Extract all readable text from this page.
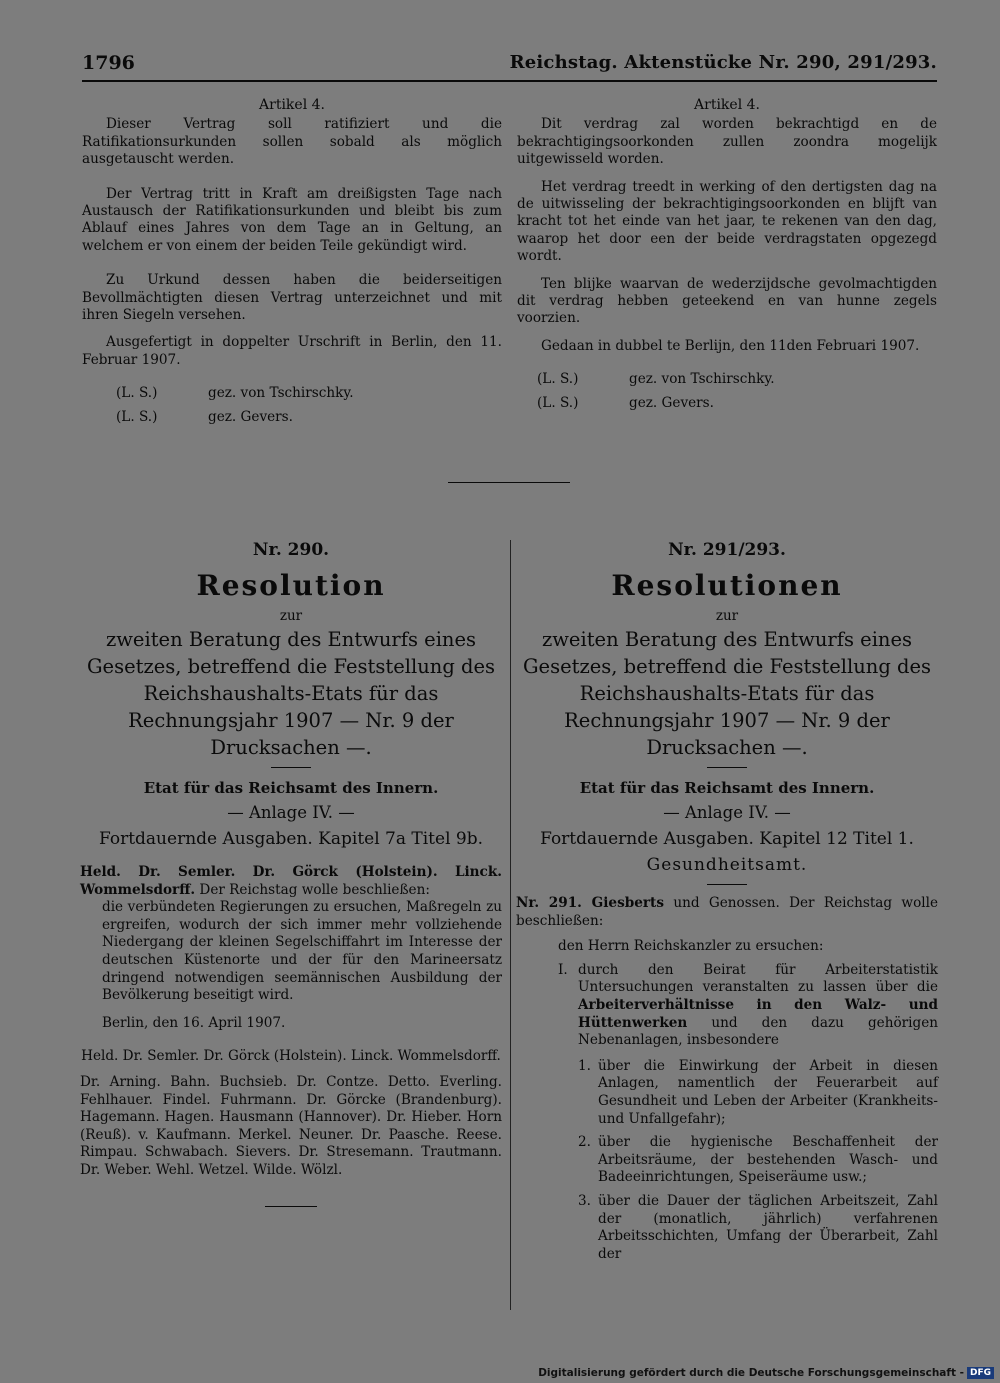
1796	Reichstag. Aktenstücke Nr. 290, 291/293.

Artikel 4.

Dieser Vertrag soll ratifiziert und die Ratifikationsurkunden sollen sobald als möglich ausgetauscht werden.

Der Vertrag tritt in Kraft am dreißigsten Tage nach Austausch der Ratifikationsurkunden und bleibt bis zum Ablauf eines Jahres von dem Tage an in Geltung, an welchem er von einem der beiden Teile gekündigt wird.

Zu Urkund dessen haben die beiderseitigen Bevollmächtigten diesen Vertrag unterzeichnet und mit ihren Siegeln versehen.

Ausgefertigt in doppelter Urschrift in Berlin, den 11. Februar 1907.

(L. S.)	gez. von Tschirschky.
(L. S.)	gez. Gevers.

Artikel 4.

Dit verdrag zal worden bekrachtigd en de bekrachtigingsoorkonden zullen zoondra mogelijk uitgewisseld worden.

Het verdrag treedt in werking of den dertigsten dag na de uitwisseling der bekrachtigingsoorkonden en blijft van kracht tot het einde van het jaar, te rekenen van den dag, waarop het door een der beide verdragstaten opgezegd wordt.

Ten blijke waarvan de wederzijdsche gevolmachtigden dit verdrag hebben geteekend en van hunne zegels voorzien.

Gedaan in dubbel te Berlijn, den 11den Februari 1907.

(L. S.)	gez. von Tschirschky.
(L. S.)	gez. Gevers.
Nr. 290.
Resolution
zur
zweiten Beratung des Entwurfs eines Gesetzes, betreffend die Feststellung des Reichshaushalts-Etats für das Rechnungsjahr 1907 — Nr. 9 der Drucksachen —.
Etat für das Reichsamt des Innern.
— Anlage IV. —
Fortdauernde Ausgaben. Kapitel 7a Titel 9b.

Held. Dr. Semler. Dr. Görck (Holstein). Linck. Wommelsdorff. Der Reichstag wolle beschließen:

die verbündeten Regierungen zu ersuchen, Maßregeln zu ergreifen, wodurch der sich immer mehr vollziehende Niedergang der kleinen Segelschiffahrt im Interesse der deutschen Küstenorte und der für den Marineersatz dringend notwendigen seemännischen Ausbildung der Bevölkerung beseitigt wird.

Berlin, den 16. April 1907.

Held. Dr. Semler. Dr. Görck (Holstein). Linck. Wommelsdorff.

Dr. Arning. Bahn. Buchsieb. Dr. Contze. Detto. Everling. Fehlhauer. Findel. Fuhrmann. Dr. Görcke (Brandenburg). Hagemann. Hagen. Hausmann (Hannover). Dr. Hieber. Horn (Reuß). v. Kaufmann. Merkel. Neuner. Dr. Paasche. Reese. Rimpau. Schwabach. Sievers. Dr. Stresemann. Trautmann. Dr. Weber. Wehl. Wetzel. Wilde. Wölzl.

Nr. 291/293.
Resolutionen
zur
zweiten Beratung des Entwurfs eines Gesetzes, betreffend die Feststellung des Reichshaushalts-Etats für das Rechnungsjahr 1907 — Nr. 9 der Drucksachen —.
Etat für das Reichsamt des Innern.
— Anlage IV. —
Fortdauernde Ausgaben. Kapitel 12 Titel 1.
Gesundheitsamt.

Nr. 291. Giesberts und Genossen. Der Reichstag wolle beschließen:

den Herrn Reichskanzler zu ersuchen:

I. durch den Beirat für Arbeiterstatistik Untersuchungen veranstalten zu lassen über die Arbeiterverhältnisse in den Walz- und Hüttenwerken und den dazu gehörigen Nebenanlagen, insbesondere
1. über die Einwirkung der Arbeit in diesen Anlagen, namentlich der Feuerarbeit auf Gesundheit und Leben der Arbeiter (Krankheits- und Unfallgefahr);
2. über die hygienische Beschaffenheit der Arbeitsräume, der bestehenden Wasch- und Badeeinrichtungen, Speiseräume usw.;
3. über die Dauer der täglichen Arbeitszeit, Zahl der (monatlich, jährlich) verfahrenen Arbeitsschichten, Umfang der Überarbeit, Zahl der
Digitalisierung gefördert durch die Deutsche Forschungsgemeinschaft - DFG
